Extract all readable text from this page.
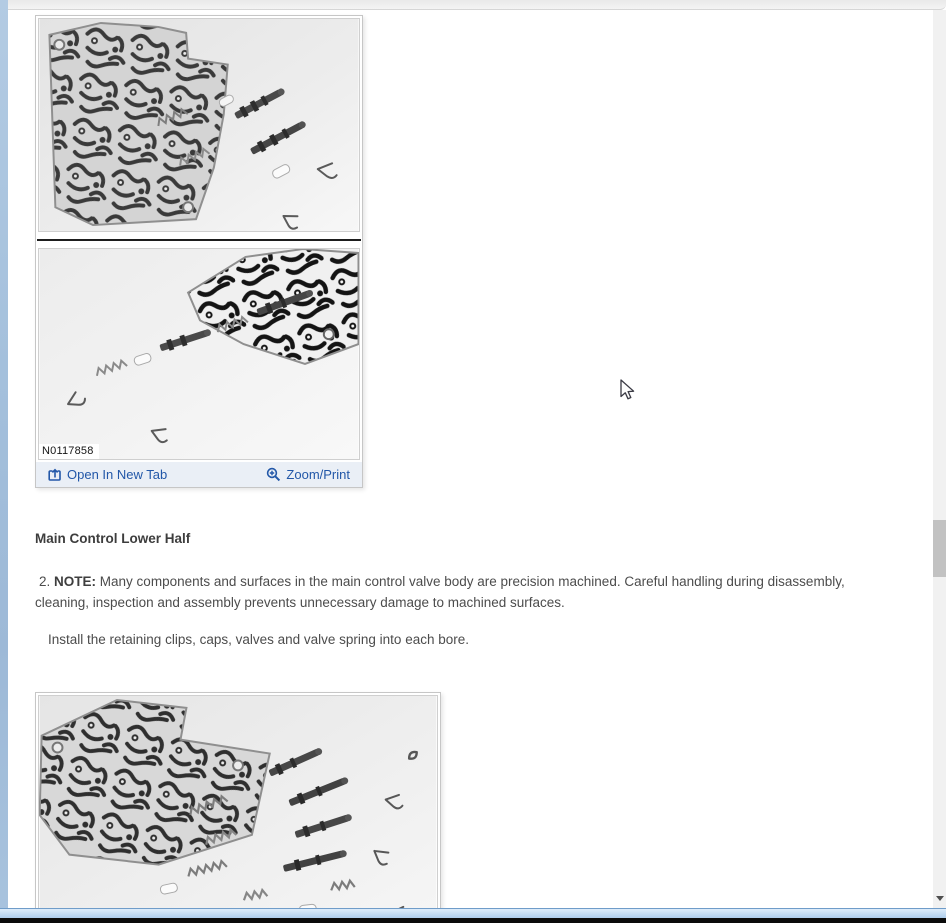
N0117858
Open In New Tab	Zoom/Print
Main Control Lower Half
2. NOTE: Many components and surfaces in the main control valve body are precision machined. Careful handling during disassembly, cleaning, inspection and assembly prevents unnecessary damage to machined surfaces.
Install the retaining clips, caps, valves and valve spring into each bore.
